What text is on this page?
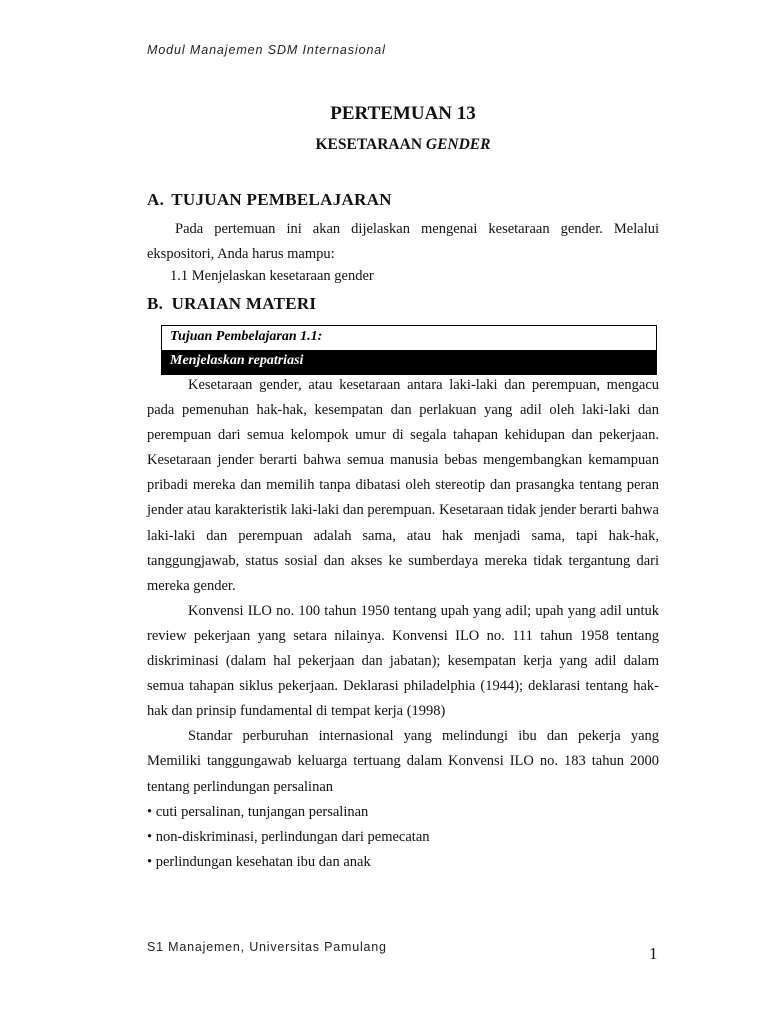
Modul Manajemen SDM Internasional
PERTEMUAN 13
KESETARAAN GENDER
A. TUJUAN PEMBELAJARAN
Pada pertemuan ini akan dijelaskan mengenai kesetaraan gender. Melalui ekspositori, Anda harus mampu:
1.1 Menjelaskan kesetaraan gender
B. URAIAN MATERI
Tujuan Pembelajaran 1.1:
Menjelaskan repatriasi

Kesetaraan gender, atau kesetaraan antara laki-laki dan perempuan, mengacu pada pemenuhan hak-hak, kesempatan dan perlakuan yang adil oleh laki-laki dan perempuan dari semua kelompok umur di segala tahapan kehidupan dan pekerjaan. Kesetaraan jender berarti bahwa semua manusia bebas mengembangkan kemampuan pribadi mereka dan memilih tanpa dibatasi oleh stereotip dan prasangka tentang peran jender atau karakteristik laki-laki dan perempuan. Kesetaraan tidak jender berarti bahwa laki-laki dan perempuan adalah sama, atau hak menjadi sama, tapi hak-hak, tanggungjawab, status sosial dan akses ke sumberdaya mereka tidak tergantung dari mereka gender.

Konvensi ILO no. 100 tahun 1950 tentang upah yang adil; upah yang adil untuk review pekerjaan yang setara nilainya. Konvensi ILO no. 111 tahun 1958 tentang diskriminasi (dalam hal pekerjaan dan jabatan); kesempatan kerja yang adil dalam semua tahapan siklus pekerjaan. Deklarasi philadelphia (1944); deklarasi tentang hak-hak dan prinsip fundamental di tempat kerja (1998)

Standar perburuhan internasional yang melindungi ibu dan pekerja yang Memiliki tanggungawab keluarga tertuang dalam Konvensi ILO no. 183 tahun 2000 tentang perlindungan persalinan

• cuti persalinan, tunjangan persalinan

• non-diskriminasi, perlindungan dari pemecatan

• perlindungan kesehatan ibu dan anak

S1 Manajemen, Universitas Pamulang	1
